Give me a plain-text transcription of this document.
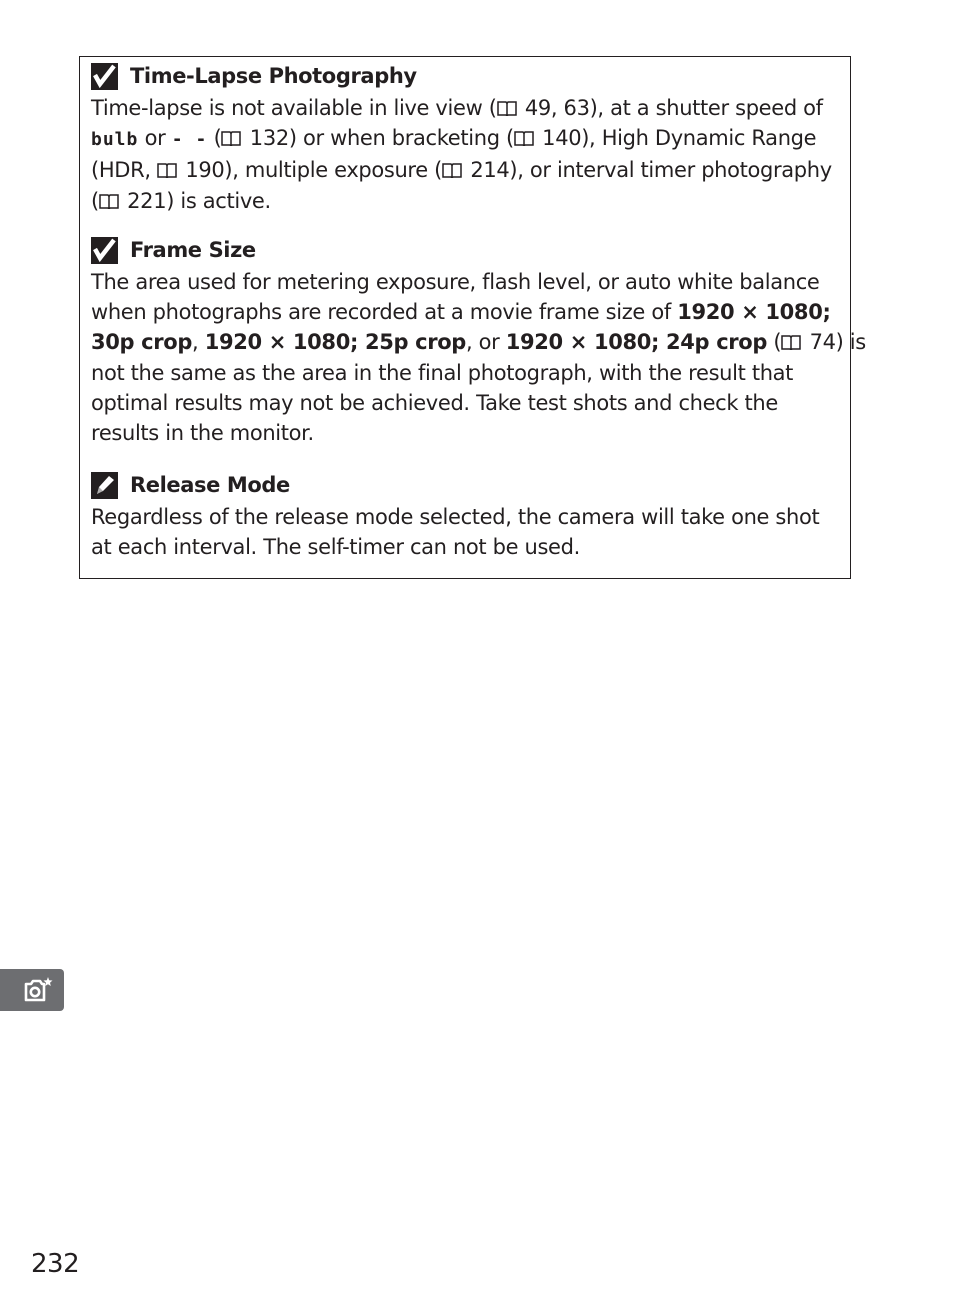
Time-Lapse Photography

Time-lapse is not available in live view ( 49, 63), at a shutter speed of
bulb or - - ( 132) or when bracketing ( 140), High Dynamic Range
(HDR,  190), multiple exposure ( 214), or interval timer photography
( 221) is active.

Frame Size

The area used for metering exposure, flash level, or auto white balance
when photographs are recorded at a movie frame size of 1920 × 1080;
30p crop, 1920 × 1080; 25p crop, or 1920 × 1080; 24p crop ( 74) is
not the same as the area in the final photograph, with the result that
optimal results may not be achieved. Take test shots and check the
results in the monitor.

Release Mode

Regardless of the release mode selected, the camera will take one shot
at each interval. The self-timer can not be used.

232
